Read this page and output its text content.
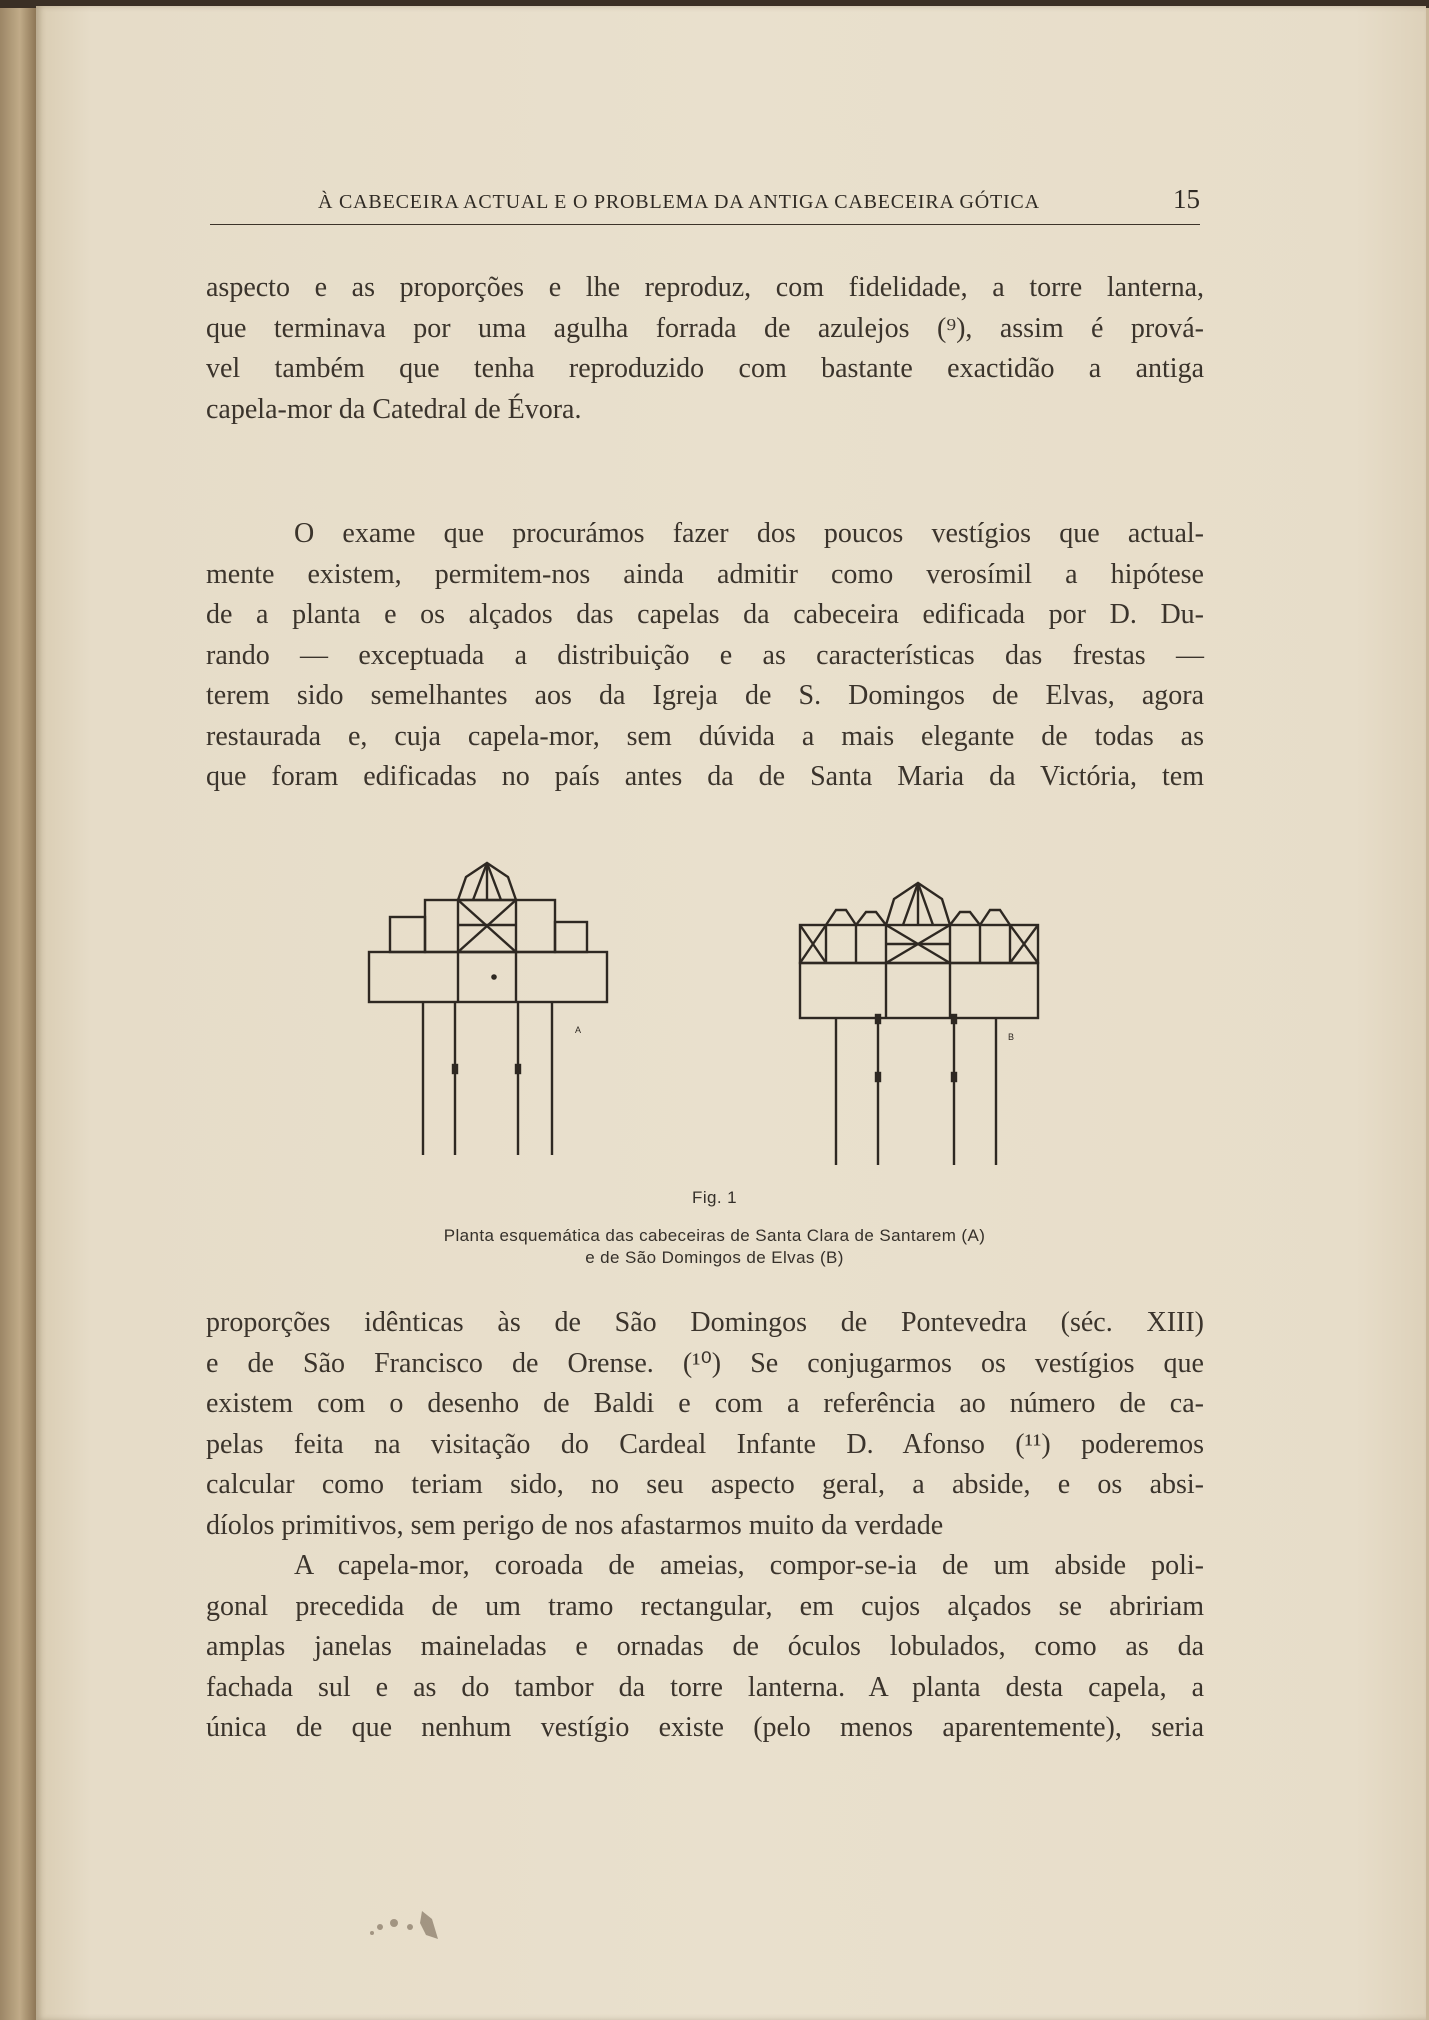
À CABECEIRA ACTUAL E O PROBLEMA DA ANTIGA CABECEIRA GÓTICA	15
aspecto e as proporções e lhe reproduz, com fidelidade, a torre lanterna,
que terminava por uma agulha forrada de azulejos (⁹), assim é prová-
vel também que tenha reproduzido com bastante exactidão a antiga
capela-mor da Catedral de Évora.
O exame que procurámos fazer dos poucos vestígios que actual-
mente existem, permitem-nos ainda admitir como verosímil a hipótese
de a planta e os alçados das capelas da cabeceira edificada por D. Du-
rando — exceptuada a distribuição e as características das frestas —
terem sido semelhantes aos da Igreja de S. Domingos de Elvas, agora
restaurada e, cuja capela-mor, sem dúvida a mais elegante de todas as
que foram edificadas no país antes da de Santa Maria da Victória, tem
A
B
Fig. 1
Planta esquemática das cabeceiras de Santa Clara de Santarem (A)
e de São Domingos de Elvas (B)
proporções idênticas às de São Domingos de Pontevedra (séc. XIII)
e de São Francisco de Orense. (¹⁰) Se conjugarmos os vestígios que
existem com o desenho de Baldi e com a referência ao número de ca-
pelas feita na visitação do Cardeal Infante D. Afonso (¹¹) poderemos
calcular como teriam sido, no seu aspecto geral, a abside, e os absi-
díolos primitivos, sem perigo de nos afastarmos muito da verdade
A capela-mor, coroada de ameias, compor-se-ia de um abside poli-
gonal precedida de um tramo rectangular, em cujos alçados se abririam
amplas janelas maineladas e ornadas de óculos lobulados, como as da
fachada sul e as do tambor da torre lanterna. A planta desta capela, a
única de que nenhum vestígio existe (pelo menos aparentemente), seria
